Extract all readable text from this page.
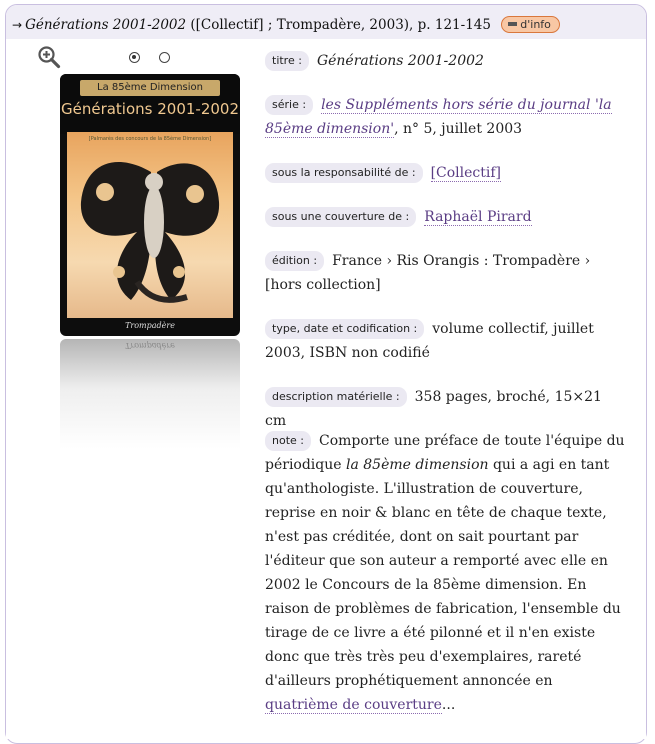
→ Générations 2001-2002 ([Collectif] ; Trompadère, 2003), p. 121-145	d'info
La 85ème Dimension
Générations 2001-2002
[Palmarès des concours de la 85ème Dimension]
Trompadère
Trompadère
titre : Générations 2001-2002
série : les Suppléments hors série du journal 'la 85ème dimension', n° 5, juillet 2003
sous la responsabilité de : [Collectif]
sous une couverture de : Raphaël Pirard
édition : France › Ris Orangis : Trompadère › [hors collection]
type, date et codification : volume collectif, juillet 2003, ISBN non codifié
description matérielle : 358 pages, broché, 15×21 cm
note : Comporte une préface de toute l'équipe du périodique la 85ème dimension qui a agi en tant qu'anthologiste. L'illustration de couverture, reprise en noir & blanc en tête de chaque texte, n'est pas créditée, dont on sait pourtant par l'éditeur que son auteur a remporté avec elle en 2002 le Concours de la 85ème dimension. En raison de problèmes de fabrication, l'ensemble du tirage de ce livre a été pilonné et il n'en existe donc que très très peu d'exemplaires, rareté d'ailleurs prophétiquement annoncée en quatrième de couverture...
